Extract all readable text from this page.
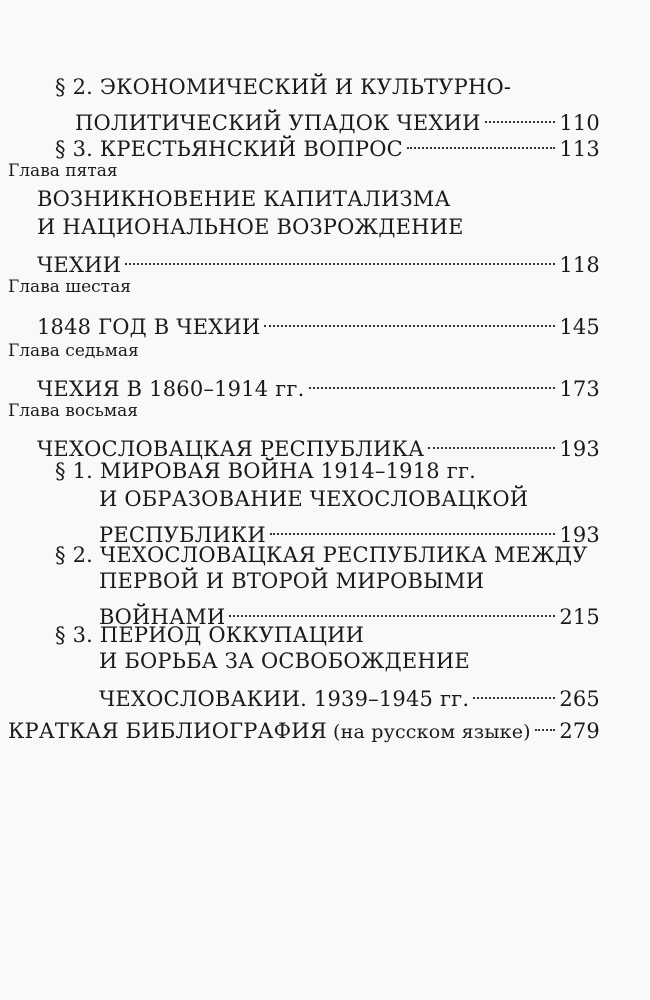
§ 2. ЭКОНОМИЧЕСКИЙ И КУЛЬТУРНО-
ПОЛИТИЧЕСКИЙ УПАДОК ЧЕХИИ	110
§ 3. КРЕСТЬЯНСКИЙ ВОПРОС	113
Глава пятая
ВОЗНИКНОВЕНИЕ КАПИТАЛИЗМА
И НАЦИОНАЛЬНОЕ ВОЗРОЖДЕНИЕ
ЧЕХИИ	118
Глава шестая
1848 ГОД В ЧЕХИИ	145
Глава седьмая
ЧЕХИЯ В 1860–1914 гг.	173
Глава восьмая
ЧЕХОСЛОВАЦКАЯ РЕСПУБЛИКА	193
§ 1. МИРОВАЯ ВОЙНА 1914–1918 гг.
И ОБРАЗОВАНИЕ ЧЕХОСЛОВАЦКОЙ
РЕСПУБЛИКИ	193
§ 2. ЧЕХОСЛОВАЦКАЯ РЕСПУБЛИКА МЕЖДУ
ПЕРВОЙ И ВТОРОЙ МИРОВЫМИ
ВОЙНАМИ	215
§ 3. ПЕРИОД ОККУПАЦИИ
И БОРЬБА ЗА ОСВОБОЖДЕНИЕ
ЧЕХОСЛОВАКИИ. 1939–1945 гг.	265
КРАТКАЯ БИБЛИОГРАФИЯ (на русском языке) 279
